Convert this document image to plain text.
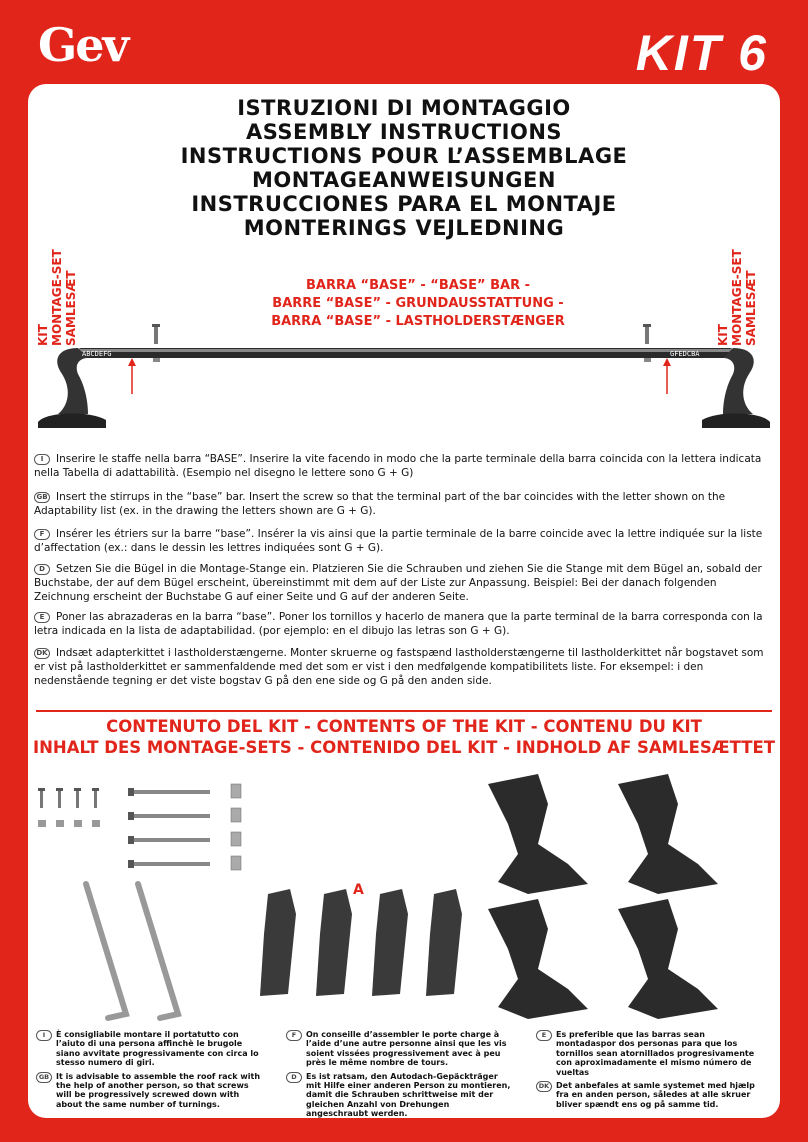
Gev	KIT 6
ISTRUZIONI DI MONTAGGIO
ASSEMBLY INSTRUCTIONS
INSTRUCTIONS POUR L’ASSEMBLAGE
MONTAGEANWEISUNGEN
INSTRUCCIONES PARA EL MONTAJE
MONTERINGS VEJLEDNING
KIT MONTAGE-SET SAMLESÆT	KIT MONTAGE-SET SAMLESÆT
BARRA “BASE” - “BASE” BAR -
BARRE “BASE” - GRUNDAUSSTATTUNG -
BARRA “BASE” - LASTHOLDERSTÆNGER
ABCDEFG	GFEDCBA
I Inserire le staffe nella barra “BASE”. Inserire la vite facendo in modo che la parte terminale della barra coincida con la lettera indicata nella Tabella di adattabilità. (Esempio nel disegno le lettere sono G + G)
GB Insert the stirrups in the “base” bar. Insert the screw so that the terminal part of the bar coincides with the letter shown on the Adaptability list (ex. in the drawing the letters shown are G + G).
F Insérer les étriers sur la barre “base”. Insérer la vis ainsi que la partie terminale de la barre coincide avec la lettre indiquée sur la liste d’affectation (ex.: dans le dessin les lettres indiquées sont G + G).
D Setzen Sie die Bügel in die Montage-Stange ein. Platzieren Sie die Schrauben und ziehen Sie die Stange mit dem Bügel an, sobald der Buchstabe, der auf dem Bügel erscheint, übereinstimmt mit dem auf der Liste zur Anpassung. Beispiel: Bei der danach folgenden Zeichnung erscheint der Buchstabe G auf einer Seite und G auf der anderen Seite.
E Poner las abrazaderas en la barra “base”. Poner los tornillos y hacerlo de manera que la parte terminal de la barra corresponda con la letra indicada en la lista de adaptabilidad. (por ejemplo: en el dibujo las letras son G + G).
DK Indsæt adapterkittet i lastholderstængerne. Monter skruerne og fastspænd lastholderstængerne til lastholderkittet når bogstavet som er vist på lastholderkittet er sammenfaldende med det som er vist i den medfølgende kompatibilitets liste. For eksempel: i den nedenstående tegning er det viste bogstav G på den ene side og G på den anden side.
CONTENUTO DEL KIT - CONTENTS OF THE KIT - CONTENU DU KIT
INHALT DES MONTAGE-SETS - CONTENIDO DEL KIT - INDHOLD AF SAMLESÆTTET
A
I	È consigliabile montare il portatutto con l’aiuto di una persona affinchè le brugole siano avvitate progressivamente con circa lo stesso numero di giri.
GB It is advisable to assemble the roof rack with the help of another person, so that screws will be progressively screwed down with about the same number of turnings.
F	On conseille d’assembler le porte charge à l’aide d’une autre personne ainsi que les vis soient vissées progressivement avec à peu près le même nombre de tours.
D	Es ist ratsam, den Autodach-Gepäckträger mit Hilfe einer anderen Person zu montieren, damit die Schrauben schrittweise mit der gleichen Anzahl von Drehungen angeschraubt werden.
E	Es preferible que las barras sean montadaspor dos personas para que los tornillos sean atornillados progresivamente con aproximadamente el mismo número de vueltas
DK Det anbefales at samle systemet med hjælp fra en anden person, således at alle skruer bliver spændt ens og på samme tid.
